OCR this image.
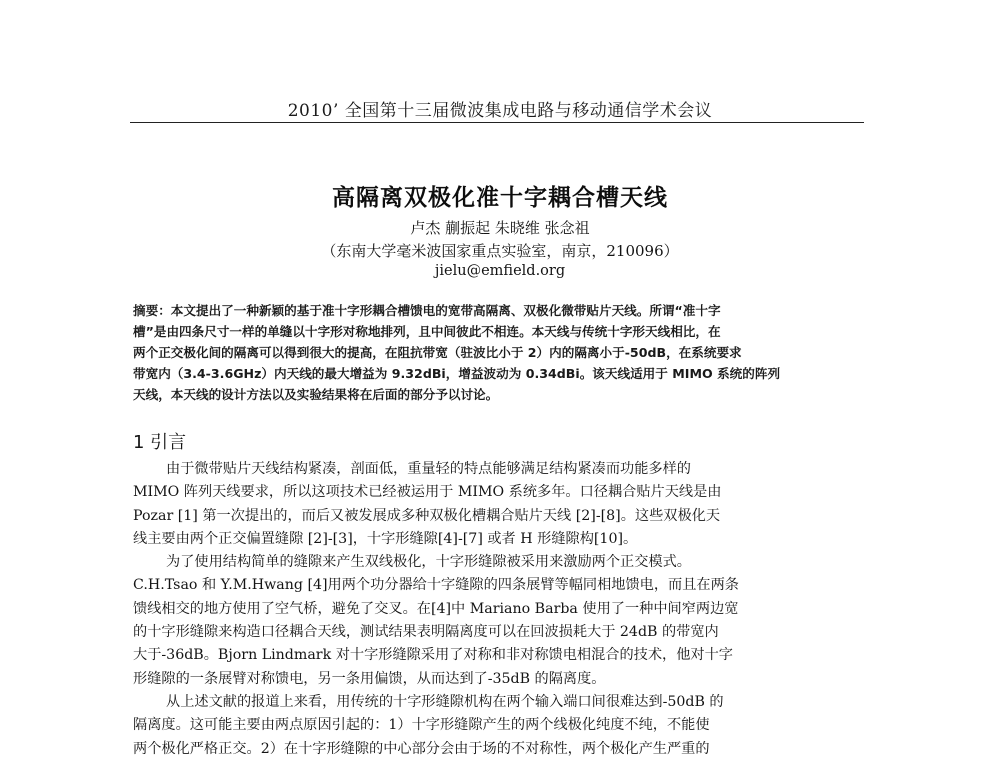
2010’ 全国第十三届微波集成电路与移动通信学术会议
高隔离双极化准十字耦合槽天线
卢杰 蒯振起 朱晓维 张念祖
（东南大学毫米波国家重点实验室，南京，210096）
jielu@emfield.org
摘要：本文提出了一种新颖的基于准十字形耦合槽馈电的宽带高隔离、双极化微带贴片天线。所谓“准十字
槽”是由四条尺寸一样的单缝以十字形对称地排列，且中间彼此不相连。本天线与传统十字形天线相比，在
两个正交极化间的隔离可以得到很大的提高，在阻抗带宽（驻波比小于 2）内的隔离小于-50dB，在系统要求
带宽内（3.4-3.6GHz）内天线的最大增益为 9.32dBi，增益波动为 0.34dBi。该天线适用于 MIMO 系统的阵列
天线，本天线的设计方法以及实验结果将在后面的部分予以讨论。
1 引言
由于微带贴片天线结构紧凑，剖面低，重量轻的特点能够满足结构紧凑而功能多样的
MIMO 阵列天线要求，所以这项技术已经被运用于 MIMO 系统多年。口径耦合贴片天线是由
Pozar [1] 第一次提出的，而后又被发展成多种双极化槽耦合贴片天线 [2]-[8]。这些双极化天
线主要由两个正交偏置缝隙 [2]-[3]，十字形缝隙[4]-[7] 或者 H 形缝隙构[10]。
为了使用结构简单的缝隙来产生双线极化，十字形缝隙被采用来激励两个正交模式。
C.H.Tsao 和 Y.M.Hwang [4]用两个功分器给十字缝隙的四条展臂等幅同相地馈电，而且在两条
馈线相交的地方使用了空气桥，避免了交叉。在[4]中 Mariano Barba 使用了一种中间窄两边宽
的十字形缝隙来构造口径耦合天线，测试结果表明隔离度可以在回波损耗大于 24dB 的带宽内
大于-36dB。Bjorn Lindmark 对十字形缝隙采用了对称和非对称馈电相混合的技术，他对十字
形缝隙的一条展臂对称馈电，另一条用偏馈，从而达到了-35dB 的隔离度。
从上述文献的报道上来看，用传统的十字形缝隙机构在两个输入端口间很难达到-50dB 的
隔离度。这可能主要由两点原因引起的：1）十字形缝隙产生的两个线极化纯度不纯，不能使
两个极化严格正交。2）在十字形缝隙的中心部分会由于场的不对称性，两个极化产生严重的
